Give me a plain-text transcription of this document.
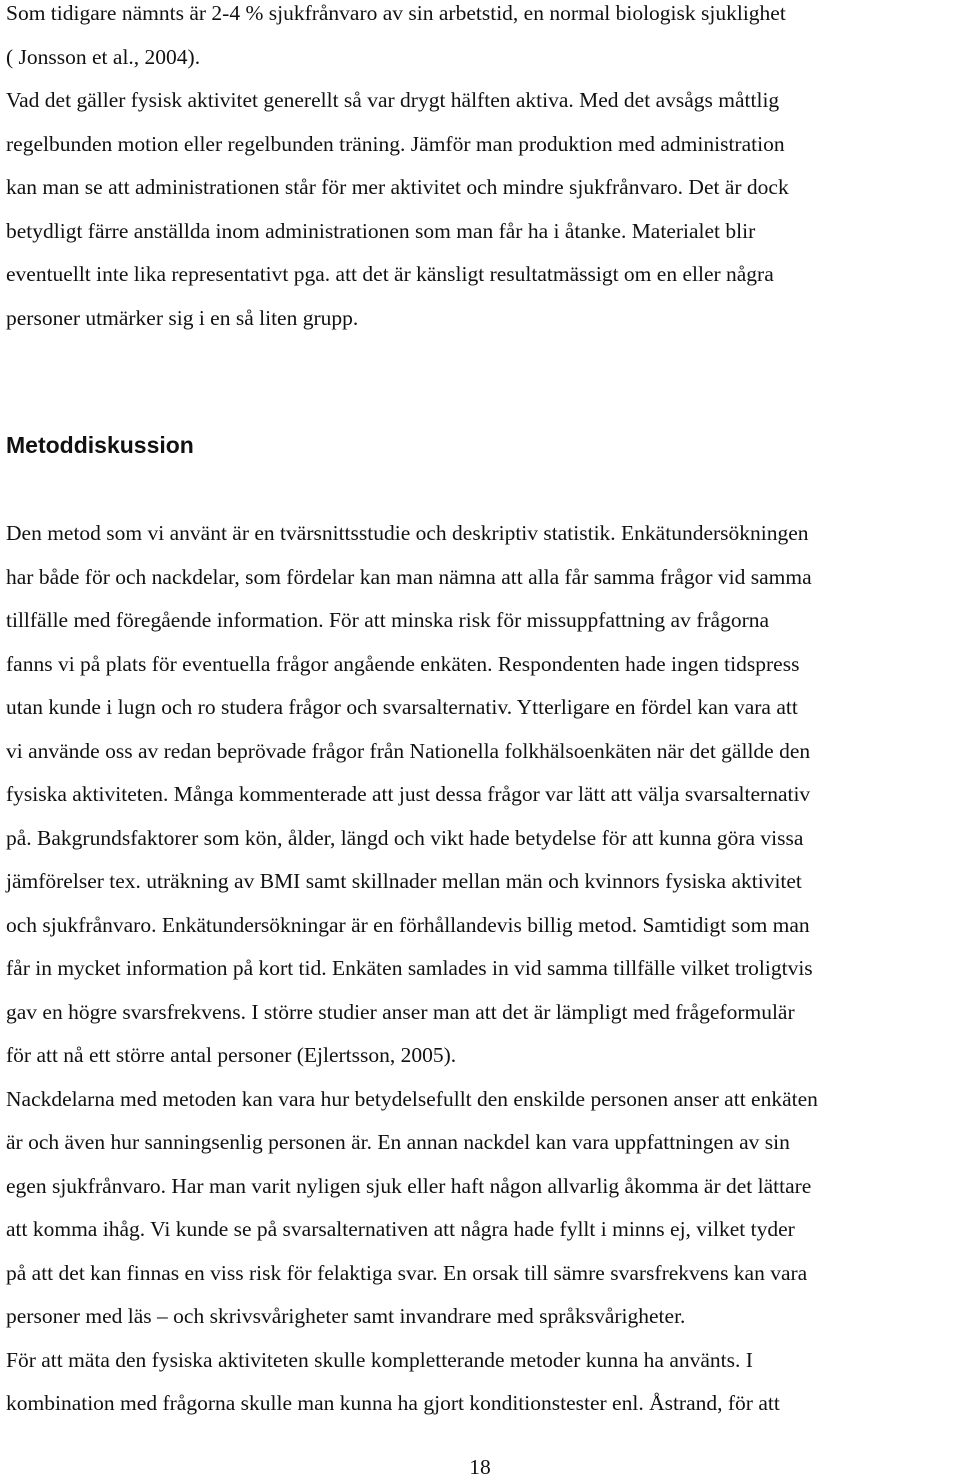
Som tidigare nämnts är 2-4 % sjukfrånvaro av sin arbetstid, en normal biologisk sjuklighet
( Jonsson et al., 2004).
Vad det gäller fysisk aktivitet generellt så var drygt hälften aktiva. Med det avsågs måttlig
regelbunden motion eller regelbunden träning. Jämför man produktion med administration
kan man se att administrationen står för mer aktivitet och mindre sjukfrånvaro. Det är dock
betydligt färre anställda inom administrationen som man får ha i åtanke. Materialet blir
eventuellt inte lika representativt pga. att det är känsligt resultatmässigt om en eller några
personer utmärker sig i en så liten grupp.

Metoddiskussion

Den metod som vi använt är en tvärsnittsstudie och deskriptiv statistik. Enkätundersökningen
har både för och nackdelar, som fördelar kan man nämna att alla får samma frågor vid samma
tillfälle med föregående information. För att minska risk för missuppfattning av frågorna
fanns vi på plats för eventuella frågor angående enkäten. Respondenten hade ingen tidspress
utan kunde i lugn och ro studera frågor och svarsalternativ. Ytterligare en fördel kan vara att
vi använde oss av redan beprövade frågor från Nationella folkhälsoenkäten när det gällde den
fysiska aktiviteten. Många kommenterade att just dessa frågor var lätt att välja svarsalternativ
på. Bakgrundsfaktorer som kön, ålder, längd och vikt hade betydelse för att kunna göra vissa
jämförelser tex. uträkning av BMI samt skillnader mellan män och kvinnors fysiska aktivitet
och sjukfrånvaro. Enkätundersökningar är en förhållandevis billig metod. Samtidigt som man
får in mycket information på kort tid. Enkäten samlades in vid samma tillfälle vilket troligtvis
gav en högre svarsfrekvens. I större studier anser man att det är lämpligt med frågeformulär
för att nå ett större antal personer (Ejlertsson, 2005).

Nackdelarna med metoden kan vara hur betydelsefullt den enskilde personen anser att enkäten
är och även hur sanningsenlig personen är. En annan nackdel kan vara uppfattningen av sin
egen sjukfrånvaro. Har man varit nyligen sjuk eller haft någon allvarlig åkomma är det lättare
att komma ihåg. Vi kunde se på svarsalternativen att några hade fyllt i minns ej, vilket tyder
på att det kan finnas en viss risk för felaktiga svar. En orsak till sämre svarsfrekvens kan vara
personer med läs – och skrivsvårigheter samt invandrare med språksvårigheter.

För att mäta den fysiska aktiviteten skulle kompletterande metoder kunna ha använts. I
kombination med frågorna skulle man kunna ha gjort konditionstester enl. Åstrand, för att

18
